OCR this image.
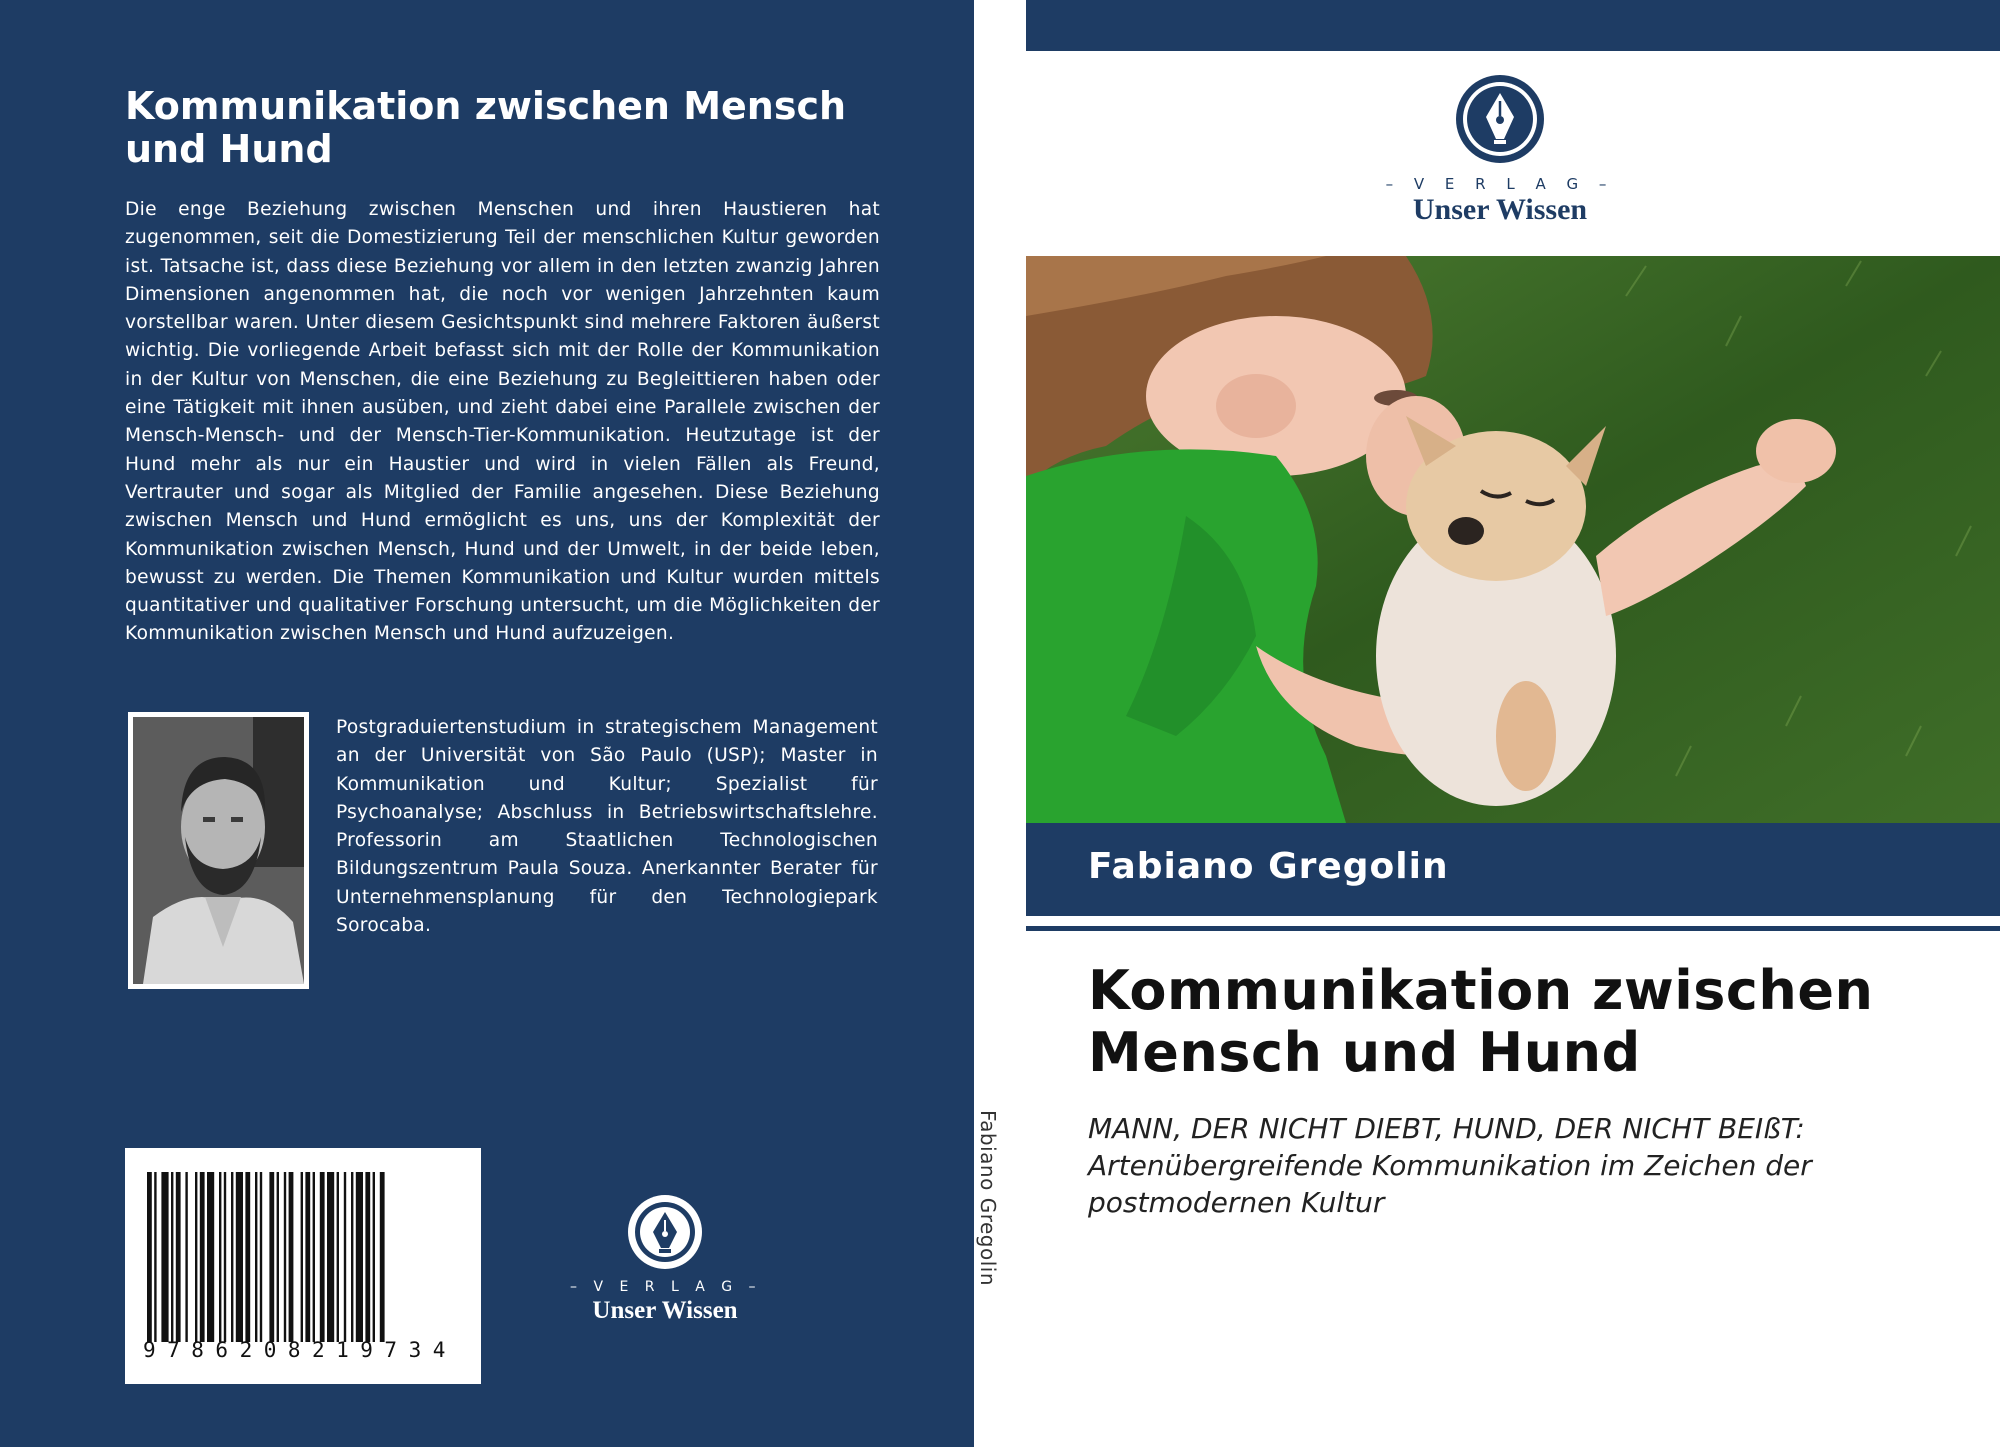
Kommunikation zwischen Mensch und Hund

Die enge Beziehung zwischen Menschen und ihren Haustieren hat zugenommen, seit die Domestizierung Teil der menschlichen Kultur geworden ist. Tatsache ist, dass diese Beziehung vor allem in den letzten zwanzig Jahren Dimensionen angenommen hat, die noch vor wenigen Jahrzehnten kaum vorstellbar waren. Unter diesem Gesichtspunkt sind mehrere Faktoren äußerst wichtig. Die vorliegende Arbeit befasst sich mit der Rolle der Kommunikation in der Kultur von Menschen, die eine Beziehung zu Begleittieren haben oder eine Tätigkeit mit ihnen ausüben, und zieht dabei eine Parallele zwischen der Mensch-Mensch- und der Mensch-Tier-Kommunikation. Heutzutage ist der Hund mehr als nur ein Haustier und wird in vielen Fällen als Freund, Vertrauter und sogar als Mitglied der Familie angesehen. Diese Beziehung zwischen Mensch und Hund ermöglicht es uns, uns der Komplexität der Kommunikation zwischen Mensch, Hund und der Umwelt, in der beide leben, bewusst zu werden. Die Themen Kommunikation und Kultur wurden mittels quantitativer und qualitativer Forschung untersucht, um die Möglichkeiten der Kommunikation zwischen Mensch und Hund aufzuzeigen.

Postgraduiertenstudium in strategischem Management an der Universität von São Paulo (USP); Master in Kommunikation und Kultur; Spezialist für Psychoanalyse; Abschluss in Betriebswirtschaftslehre. Professorin am Staatlichen Technologischen Bildungszentrum Paula Souza. Anerkannter Berater für Unternehmensplanung für den Technologiepark Sorocaba.

9786208219734
– V E R L A G –
Unser Wissen
Fabiano Gregolin
– V E R L A G –
Unser Wissen

Fabiano Gregolin

Kommunikation zwischen Mensch und Hund

MANN, DER NICHT DIEBT, HUND, DER NICHT BEIßT: Artenübergreifende Kommunikation im Zeichen der postmodernen Kultur
